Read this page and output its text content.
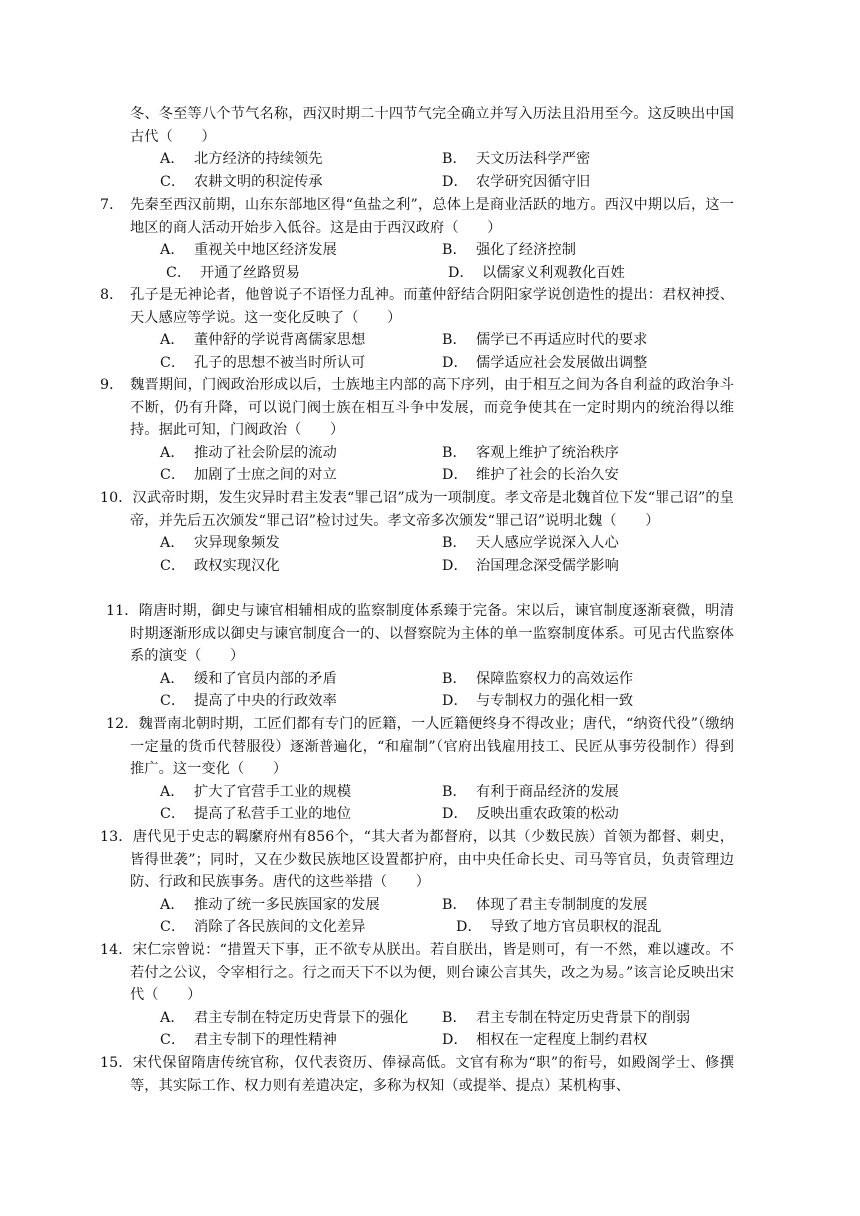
冬、冬至等八个节气名称，西汉时期二十四节气完全确立并写入历法且沿用至今。这反映出中国古代（　　）
A． 北方经济的持续领先	B． 天文历法科学严密
C． 农耕文明的积淀传承	D． 农学研究因循守旧
7． 先秦至西汉前期，山东东部地区得“鱼盐之利”，总体上是商业活跃的地方。西汉中期以后，这一地区的商人活动开始步入低谷。这是由于西汉政府（　　）
A． 重视关中地区经济发展	B． 强化了经济控制
C． 开通了丝路贸易	D． 以儒家义利观教化百姓
8． 孔子是无神论者，他曾说子不语怪力乱神。而董仲舒结合阴阳家学说创造性的提出：君权神授、天人感应等学说。这一变化反映了（　　）
A． 董仲舒的学说背离儒家思想	B． 儒学已不再适应时代的要求
C． 孔子的思想不被当时所认可	D． 儒学适应社会发展做出调整
9． 魏晋期间，门阀政治形成以后，士族地主内部的高下序列，由于相互之间为各自利益的政治争斗不断，仍有升降，可以说门阀士族在相互斗争中发展，而竞争使其在一定时期内的统治得以维持。据此可知，门阀政治（　　）
A． 推动了社会阶层的流动	B． 客观上维护了统治秩序
C． 加剧了士庶之间的对立	D． 维护了社会的长治久安
10．汉武帝时期，发生灾异时君主发表“罪己诏”成为一项制度。孝文帝是北魏首位下发“罪己诏”的皇帝，并先后五次颁发“罪己诏”检讨过失。孝文帝多次颁发“罪己诏”说明北魏（　　）
A． 灾异现象频发	B． 天人感应学说深入人心
C． 政权实现汉化	D． 治国理念深受儒学影响
11．隋唐时期，御史与谏官相辅相成的监察制度体系臻于完备。宋以后，谏官制度逐渐衰微，明清时期逐渐形成以御史与谏官制度合一的、以督察院为主体的单一监察制度体系。可见古代监察体系的演变（　　）
A． 缓和了官员内部的矛盾	B． 保障监察权力的高效运作
C． 提高了中央的行政效率	D． 与专制权力的强化相一致
12．魏晋南北朝时期，工匠们都有专门的匠籍，一人匠籍便终身不得改业；唐代，“纳资代役”（缴纳一定量的货币代替服役）逐渐普遍化，“和雇制”（官府出钱雇用技工、民匠从事劳役制作）得到推广。这一变化（　　）
A． 扩大了官营手工业的规模	B． 有利于商品经济的发展
C． 提高了私营手工业的地位	D． 反映出重农政策的松动
13．唐代见于史志的羁縻府州有856个，“其大者为都督府，以其（少数民族）首领为都督、刺史，皆得世袭”；同时，又在少数民族地区设置都护府，由中央任命长史、司马等官员，负责管理边防、行政和民族事务。唐代的这些举措（　　）
A． 推动了统一多民族国家的发展	B． 体现了君主专制制度的发展
C． 消除了各民族间的文化差异	D． 导致了地方官员职权的混乱
14．宋仁宗曾说：“措置天下事，正不欲专从朕出。若自朕出，皆是则可，有一不然，难以遽改。不若付之公议，令宰相行之。行之而天下不以为便，则台谏公言其失，改之为易。”该言论反映出宋代（　　）
A． 君主专制在特定历史背景下的强化 B． 君主专制在特定历史背景下的削弱
C． 君主专制下的理性精神	D． 相权在一定程度上制约君权
15．宋代保留隋唐传统官称，仅代表资历、俸禄高低。文官有称为“职”的衔号，如殿阁学士、修撰等，其实际工作、权力则有差遣决定，多称为权知（或提举、提点）某机构事、
